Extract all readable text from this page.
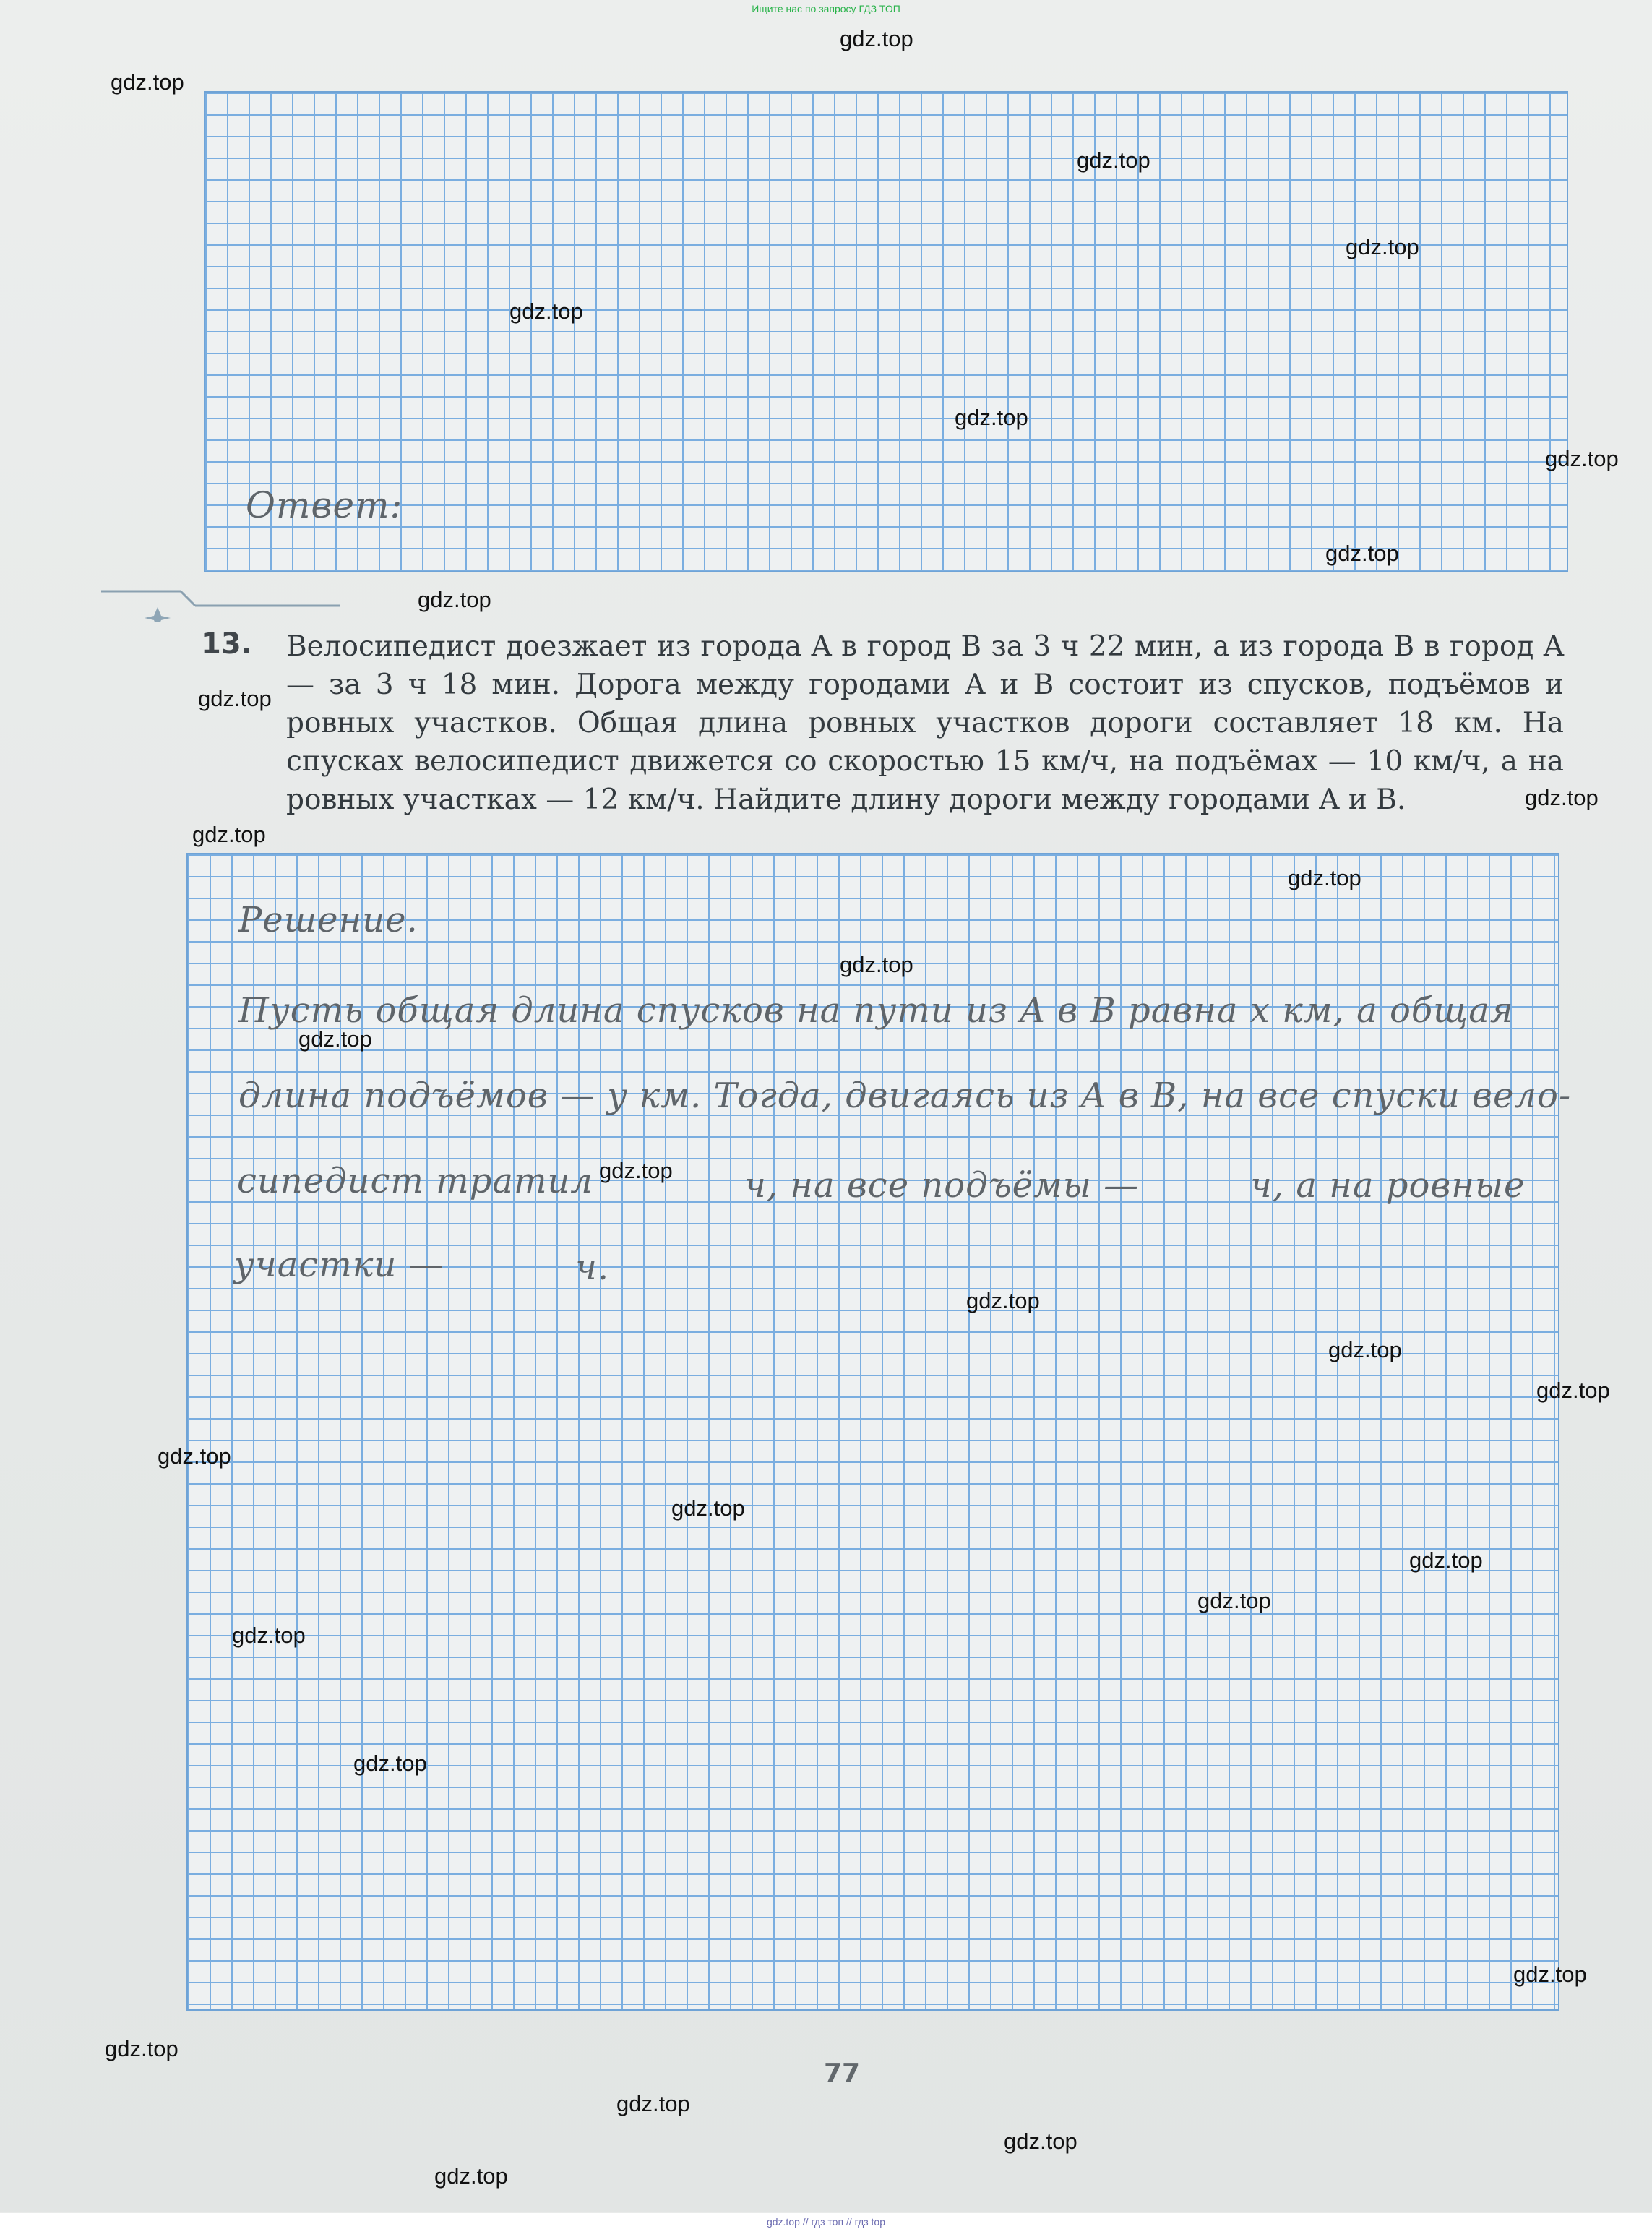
Ищите нас по запросу ГДЗ ТОП
Ответ:
13. Велосипедист доезжает из города A в город B за 3 ч 22 мин, а из города B в город A — за 3 ч 18 мин. Дорога между городами A и B состоит из спусков, подъёмов и ровных участков. Общая длина ровных участков дороги составляет 18 км. На спусках велосипедист движется со скоростью 15 км/ч, на подъёмах — 10 км/ч, а на ровных участках — 12 км/ч. Найдите длину дороги между городами A и B.
Решение.
Пусть общая длина спусков на пути из A в B равна x км, а общая
длина подъёмов — y км. Тогда, двигаясь из A в B, на все спуски вело-
сипедист тратил	ч, на все подъёмы —	ч, а на ровные
участки —	ч.
77
gdz.top
gdz.top
gdz.top
gdz.top
gdz.top
gdz.top
gdz.top
gdz.top
gdz.top
gdz.top
gdz.top
gdz.top
gdz.top
gdz.top
gdz.top
gdz.top
gdz.top
gdz.top
gdz.top
gdz.top
gdz.top
gdz.top
gdz.top
gdz.top
gdz.top
gdz.top
gdz.top
gdz.top
gdz.top
gdz.top
gdz.top // гдз топ // гдз top
